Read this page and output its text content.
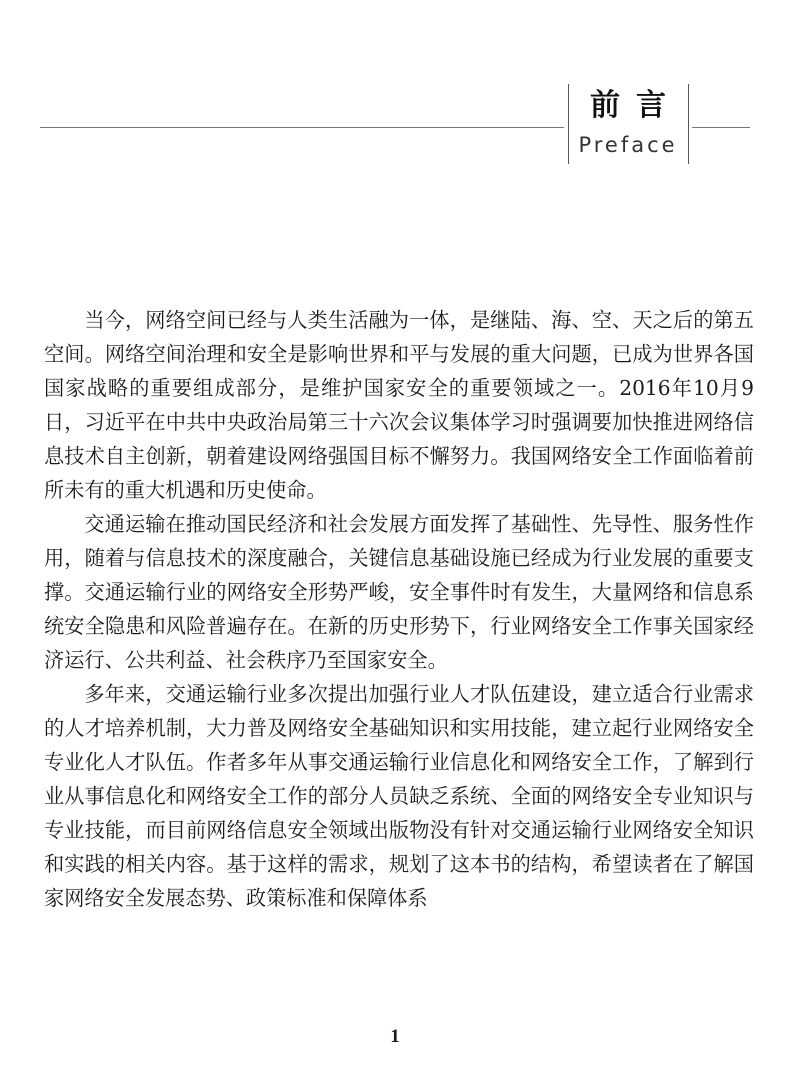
前言
Preface

当今，网络空间已经与人类生活融为一体，是继陆、海、空、天之后的第五空间。网络空间治理和安全是影响世界和平与发展的重大问题，已成为世界各国国家战略的重要组成部分，是维护国家安全的重要领域之一。2016年10月9日，习近平在中共中央政治局第三十六次会议集体学习时强调要加快推进网络信息技术自主创新，朝着建设网络强国目标不懈努力。我国网络安全工作面临着前所未有的重大机遇和历史使命。

交通运输在推动国民经济和社会发展方面发挥了基础性、先导性、服务性作用，随着与信息技术的深度融合，关键信息基础设施已经成为行业发展的重要支撑。交通运输行业的网络安全形势严峻，安全事件时有发生，大量网络和信息系统安全隐患和风险普遍存在。在新的历史形势下，行业网络安全工作事关国家经济运行、公共利益、社会秩序乃至国家安全。

多年来，交通运输行业多次提出加强行业人才队伍建设，建立适合行业需求的人才培养机制，大力普及网络安全基础知识和实用技能，建立起行业网络安全专业化人才队伍。作者多年从事交通运输行业信息化和网络安全工作，了解到行业从事信息化和网络安全工作的部分人员缺乏系统、全面的网络安全专业知识与专业技能，而目前网络信息安全领域出版物没有针对交通运输行业网络安全知识和实践的相关内容。基于这样的需求，规划了这本书的结构，希望读者在了解国家网络安全发展态势、政策标准和保障体系

1
